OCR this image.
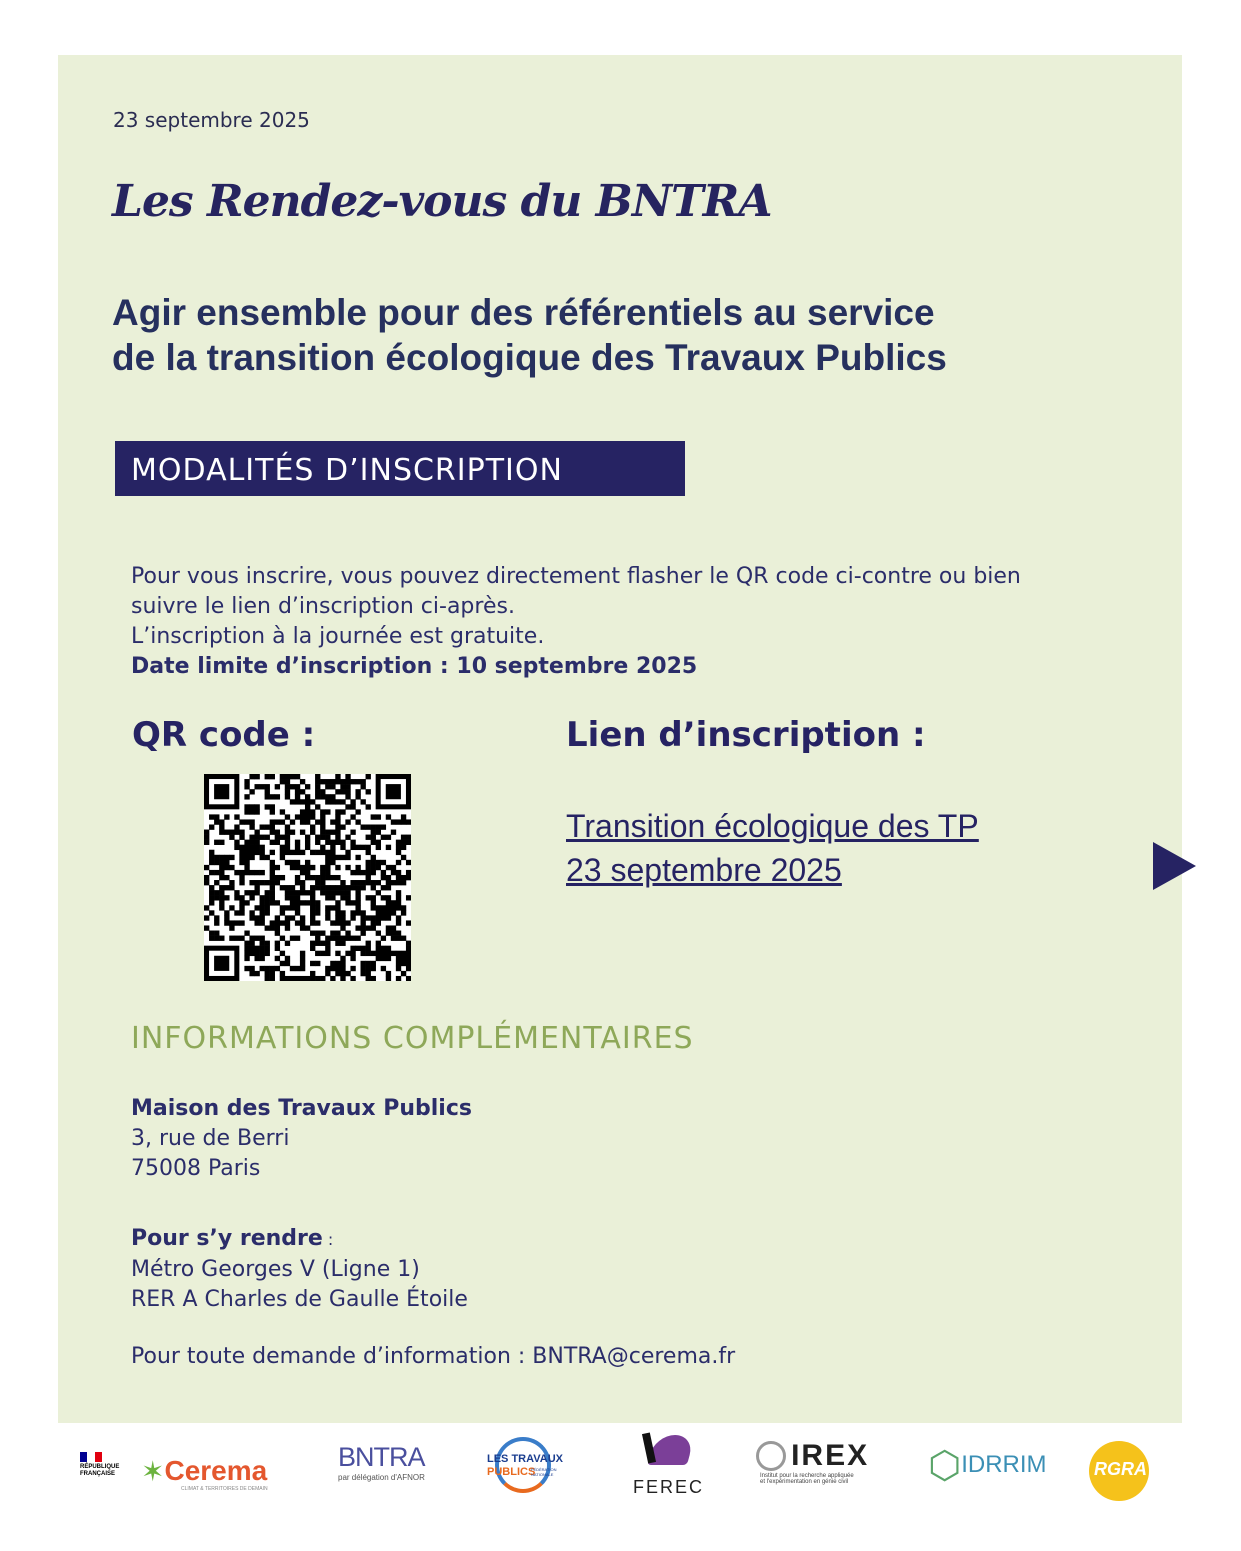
23 septembre 2025
Les Rendez-vous du BNTRA
Agir ensemble pour des référentiels au service
de la transition écologique des Travaux Publics
MODALITÉS D’INSCRIPTION
Pour vous inscrire, vous pouvez directement flasher le QR code ci-contre ou bien
suivre le lien d’inscription ci-après.
L’inscription à la journée est gratuite.
Date limite d’inscription : 10 septembre 2025
QR code :	Lien d’inscription :
Transition écologique des TP
23 septembre 2025
INFORMATIONS COMPLÉMENTAIRES
Maison des Travaux Publics
3, rue de Berri
75008 Paris
Pour s’y rendre :
Métro Georges V (Ligne 1)
RER A Charles de Gaulle Étoile
Pour toute demande d’information : BNTRA@cerema.fr
RÉPUBLIQUE FRANÇAISE ✶Cerema
CLIMAT & TERRITOIRES DE DEMAIN
BNTRA
par délégation d'AFNOR
LES TRAVAUX
PUBLICS
FÉDÉRATION NATIONALE
FEREC
IREX
Institut pour la recherche appliquée
et l'expérimentation en génie civil	⬡IDRRIM	RGRA
